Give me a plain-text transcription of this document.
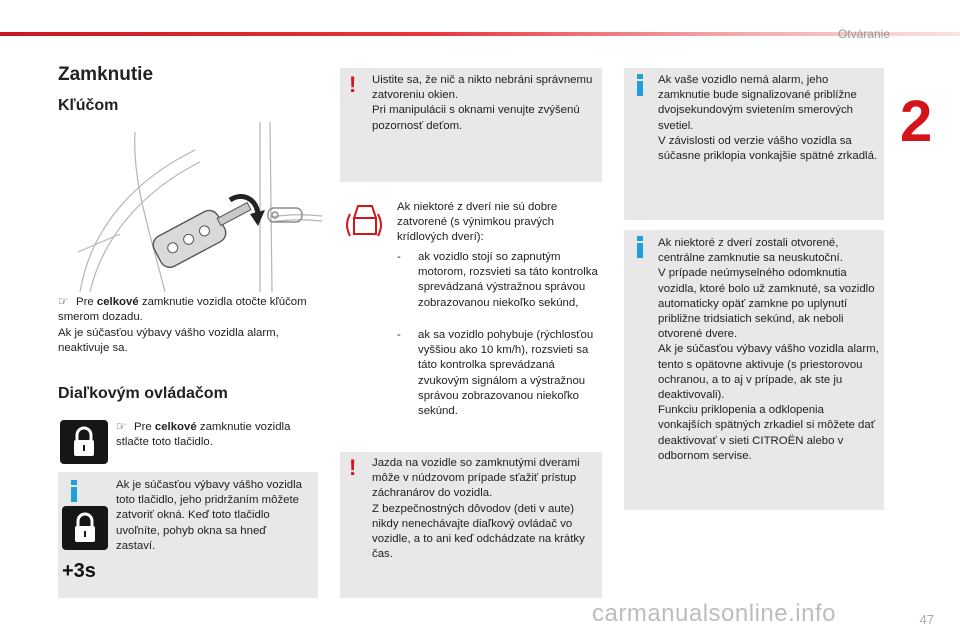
Otváranie
2
Zamknutie
Kľúčom
☞ Pre celkové zamknutie vozidla otočte kľúčom smerom dozadu.
Ak je súčasťou výbavy vášho vozidla alarm, neaktivuje sa.
Diaľkovým ovládačom
☞ Pre celkové zamknutie vozidla stlačte toto tlačidlo.
+3s
Ak je súčasťou výbavy vášho vozidla toto tlačidlo, jeho pridržaním môžete zatvoriť okná. Keď toto tlačidlo uvoľníte, pohyb okna sa hneď zastaví.
! Uistite sa, že nič a nikto nebráni správnemu zatvoreniu okien.
Pri manipulácii s oknami venujte zvýšenú pozornosť deťom.
Ak niektoré z dverí nie sú dobre zatvorené (s výnimkou pravých krídlových dverí):
- ak vozidlo stojí so zapnutým motorom, rozsvieti sa táto kontrolka sprevádzaná výstražnou správou zobrazovanou niekoľko sekúnd,
- ak sa vozidlo pohybuje (rýchlosťou vyššiou ako 10 km/h), rozsvieti sa táto kontrolka sprevádzaná zvukovým signálom a výstražnou správou zobrazovanou niekoľko sekúnd.
! Jazda na vozidle so zamknutými dverami môže v núdzovom prípade sťažiť prístup záchranárov do vozidla.
Z bezpečnostných dôvodov (deti v aute) nikdy nenechávajte diaľkový ovládač vo vozidle, a to ani keď odchádzate na krátky čas.
Ak vaše vozidlo nemá alarm, jeho zamknutie bude signalizované priblížne dvojsekundovým svietením smerových svetiel.
V závislosti od verzie vášho vozidla sa súčasne priklopia vonkajšie spätné zrkadlá.
Ak niektoré z dverí zostali otvorené, centrálne zamknutie sa neuskutoční.
V prípade neúmyselného odomknutia vozidla, ktoré bolo už zamknuté, sa vozidlo automaticky opäť zamkne po uplynutí približne tridsiatich sekúnd, ak neboli otvorené dvere.
Ak je súčasťou výbavy vášho vozidla alarm, tento s opätovne aktivuje (s priestorovou ochranou, a to aj v prípade, ak ste ju deaktivovali).
Funkciu priklopenia a odklopenia vonkajších spätných zrkadiel si môžete dať deaktivovať v sieti CITROËN alebo v odbornom servise.
carmanualsonline.info	47
